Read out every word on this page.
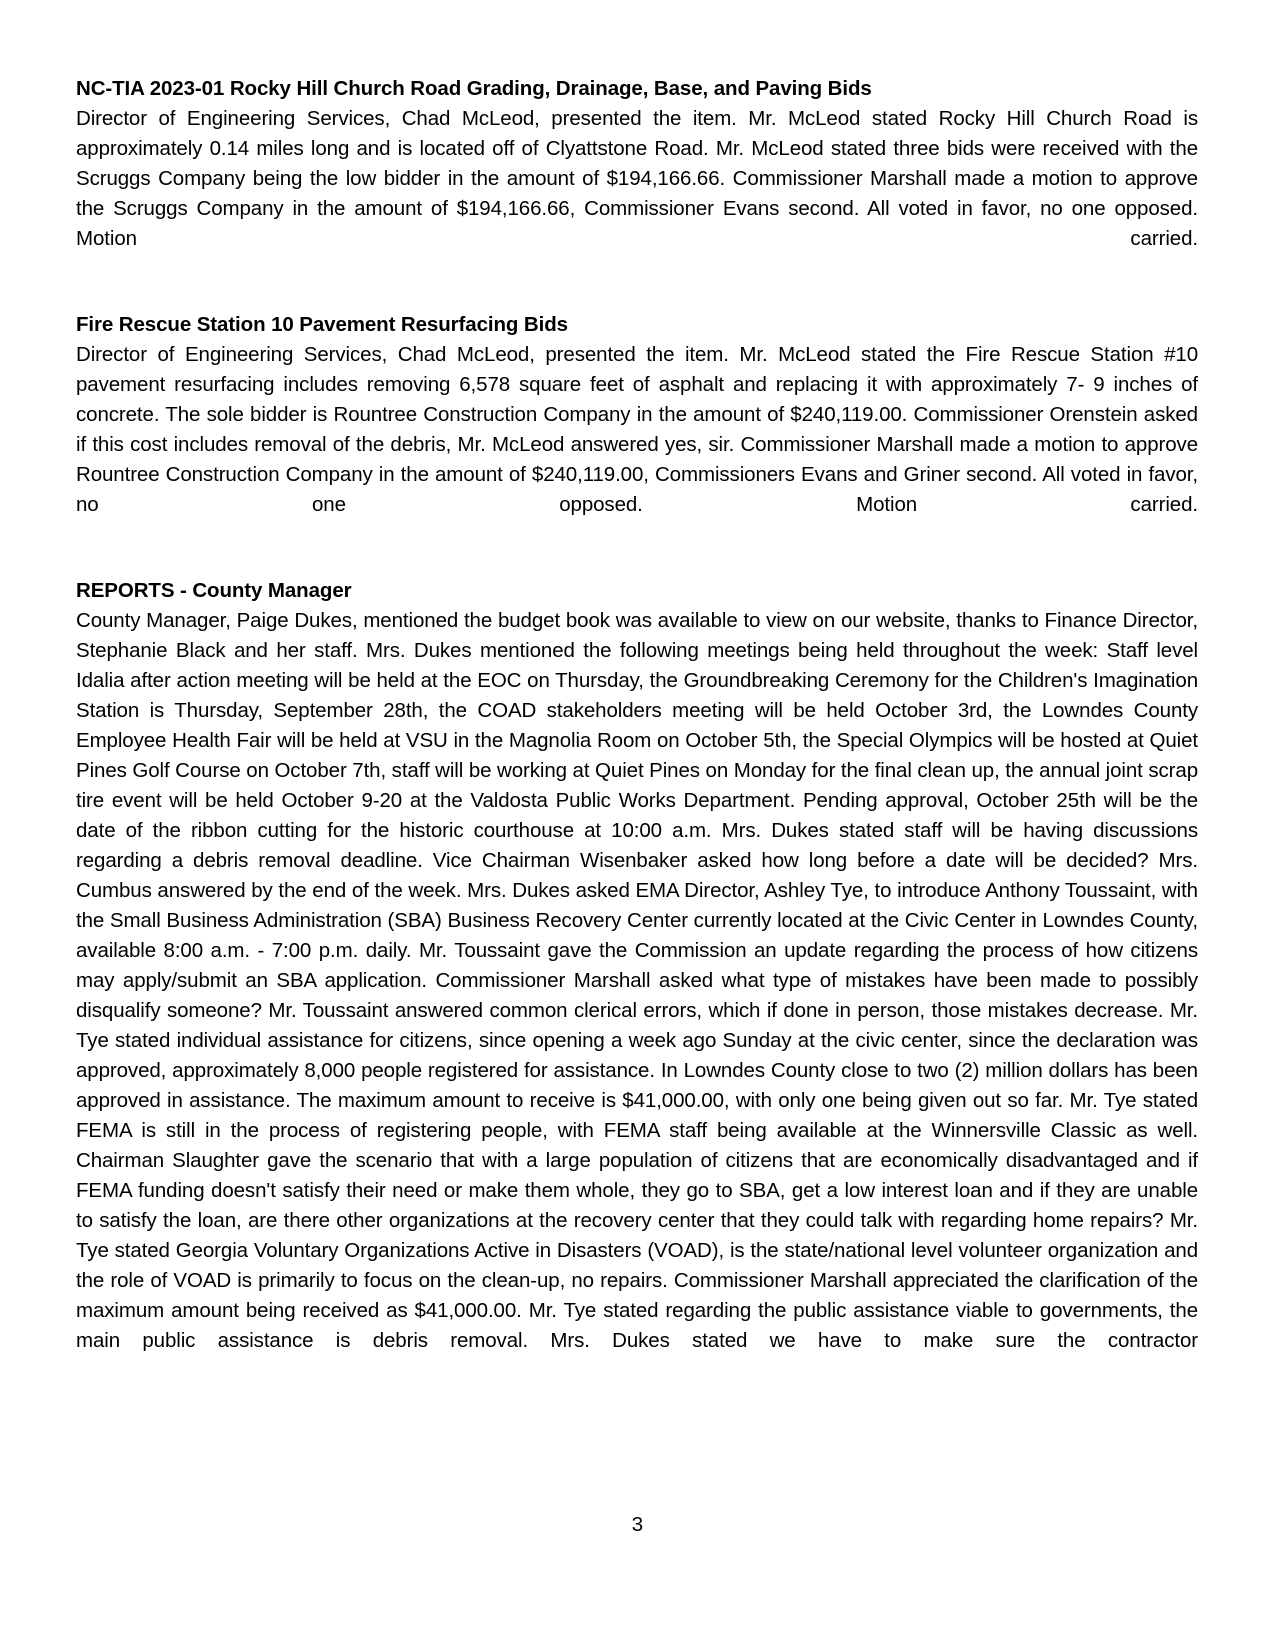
NC-TIA 2023-01 Rocky Hill Church Road Grading, Drainage, Base, and Paving Bids

Director of Engineering Services, Chad McLeod, presented the item. Mr. McLeod stated Rocky Hill Church Road is approximately 0.14 miles long and is located off of Clyattstone Road. Mr. McLeod stated three bids were received with the Scruggs Company being the low bidder in the amount of $194,166.66. Commissioner Marshall made a motion to approve the Scruggs Company in the amount of $194,166.66, Commissioner Evans second. All voted in favor, no one opposed. Motion carried.

Fire Rescue Station 10 Pavement Resurfacing Bids

Director of Engineering Services, Chad McLeod, presented the item. Mr. McLeod stated the Fire Rescue Station #10 pavement resurfacing includes removing 6,578 square feet of asphalt and replacing it with approximately 7- 9 inches of concrete. The sole bidder is Rountree Construction Company in the amount of $240,119.00. Commissioner Orenstein asked if this cost includes removal of the debris, Mr. McLeod answered yes, sir. Commissioner Marshall made a motion to approve Rountree Construction Company in the amount of $240,119.00, Commissioners Evans and Griner second. All voted in favor, no one opposed. Motion carried.

REPORTS - County Manager

County Manager, Paige Dukes, mentioned the budget book was available to view on our website, thanks to Finance Director, Stephanie Black and her staff. Mrs. Dukes mentioned the following meetings being held throughout the week: Staff level Idalia after action meeting will be held at the EOC on Thursday, the Groundbreaking Ceremony for the Children's Imagination Station is Thursday, September 28th, the COAD stakeholders meeting will be held October 3rd, the Lowndes County Employee Health Fair will be held at VSU in the Magnolia Room on October 5th, the Special Olympics will be hosted at Quiet Pines Golf Course on October 7th, staff will be working at Quiet Pines on Monday for the final clean up, the annual joint scrap tire event will be held October 9-20 at the Valdosta Public Works Department. Pending approval, October 25th will be the date of the ribbon cutting for the historic courthouse at 10:00 a.m. Mrs. Dukes stated staff will be having discussions regarding a debris removal deadline. Vice Chairman Wisenbaker asked how long before a date will be decided? Mrs. Cumbus answered by the end of the week. Mrs. Dukes asked EMA Director, Ashley Tye, to introduce Anthony Toussaint, with the Small Business Administration (SBA) Business Recovery Center currently located at the Civic Center in Lowndes County, available 8:00 a.m. - 7:00 p.m. daily. Mr. Toussaint gave the Commission an update regarding the process of how citizens may apply/submit an SBA application. Commissioner Marshall asked what type of mistakes have been made to possibly disqualify someone? Mr. Toussaint answered common clerical errors, which if done in person, those mistakes decrease. Mr. Tye stated individual assistance for citizens, since opening a week ago Sunday at the civic center, since the declaration was approved, approximately 8,000 people registered for assistance. In Lowndes County close to two (2) million dollars has been approved in assistance. The maximum amount to receive is $41,000.00, with only one being given out so far. Mr. Tye stated FEMA is still in the process of registering people, with FEMA staff being available at the Winnersville Classic as well. Chairman Slaughter gave the scenario that with a large population of citizens that are economically disadvantaged and if FEMA funding doesn't satisfy their need or make them whole, they go to SBA, get a low interest loan and if they are unable to satisfy the loan, are there other organizations at the recovery center that they could talk with regarding home repairs? Mr. Tye stated Georgia Voluntary Organizations Active in Disasters (VOAD), is the state/national level volunteer organization and the role of VOAD is primarily to focus on the clean-up, no repairs. Commissioner Marshall appreciated the clarification of the maximum amount being received as $41,000.00. Mr. Tye stated regarding the public assistance viable to governments, the main public assistance is debris removal. Mrs. Dukes stated we have to make sure the contractor

3
